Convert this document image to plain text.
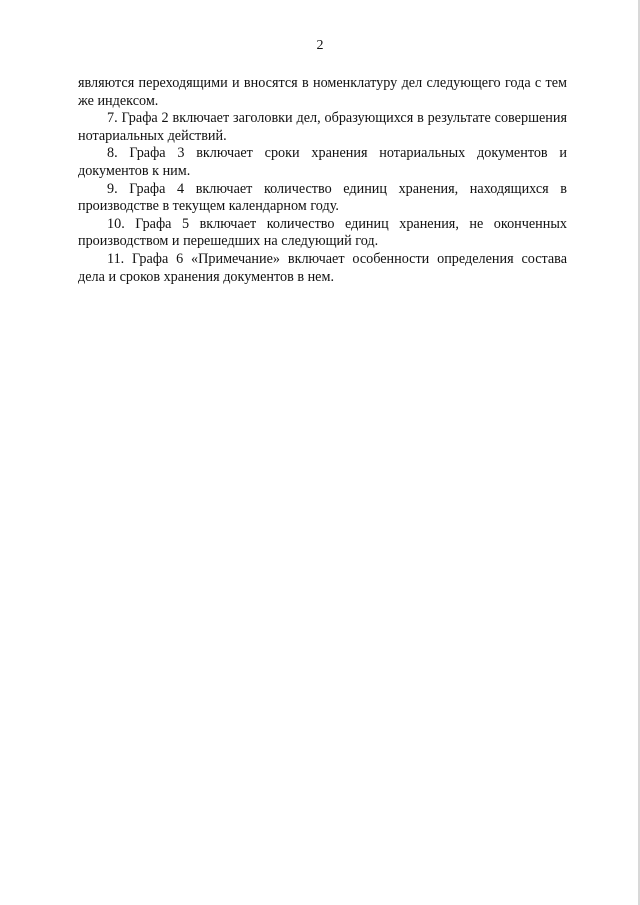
2

являются переходящими и вносятся в номенклатуру дел следующего года с тем же индексом.

7. Графа 2 включает заголовки дел, образующихся в результате совершения нотариальных действий.

8. Графа 3 включает сроки хранения нотариальных документов и документов к ним.

9. Графа 4 включает количество единиц хранения, находящихся в производстве в текущем календарном году.

10. Графа 5 включает количество единиц хранения, не оконченных производством и перешедших на следующий год.

11. Графа 6 «Примечание» включает особенности определения состава дела и сроков хранения документов в нем.
